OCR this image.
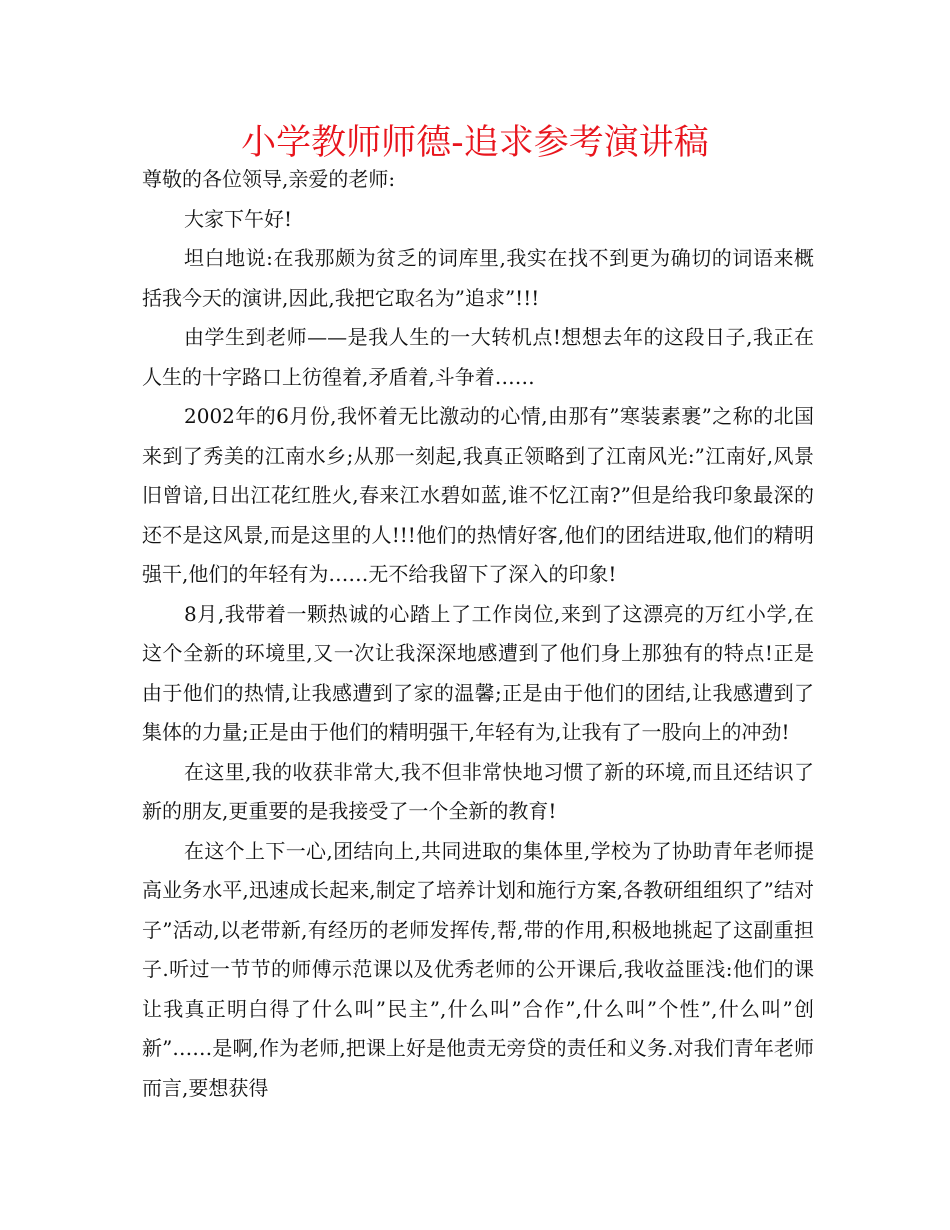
小学教师师德-追求参考演讲稿

尊敬的各位领导,亲爱的老师:

大家下午好!

坦白地说:在我那颇为贫乏的词库里,我实在找不到更为确切的词语来概括我今天的演讲,因此,我把它取名为”追求”!!!

由学生到老师——是我人生的一大转机点!想想去年的这段日子,我正在人生的十字路口上彷徨着,矛盾着,斗争着……

2002年的6月份,我怀着无比激动的心情,由那有”寒装素裹”之称的北国来到了秀美的江南水乡;从那一刻起,我真正领略到了江南风光:”江南好,风景旧曾谙,日出江花红胜火,春来江水碧如蓝,谁不忆江南?”但是给我印象最深的还不是这风景,而是这里的人!!!他们的热情好客,他们的团结进取,他们的精明强干,他们的年轻有为……无不给我留下了深入的印象!

8月,我带着一颗热诚的心踏上了工作岗位,来到了这漂亮的万红小学,在这个全新的环境里,又一次让我深深地感遭到了他们身上那独有的特点!正是由于他们的热情,让我感遭到了家的温馨;正是由于他们的团结,让我感遭到了集体的力量;正是由于他们的精明强干,年轻有为,让我有了一股向上的冲劲!

在这里,我的收获非常大,我不但非常快地习惯了新的环境,而且还结识了新的朋友,更重要的是我接受了一个全新的教育!

在这个上下一心,团结向上,共同进取的集体里,学校为了协助青年老师提高业务水平,迅速成长起来,制定了培养计划和施行方案,各教研组组织了”结对子”活动,以老带新,有经历的老师发挥传,帮,带的作用,积极地挑起了这副重担子.听过一节节的师傅示范课以及优秀老师的公开课后,我收益匪浅:他们的课让我真正明白得了什么叫”民主”,什么叫”合作”,什么叫”个性”,什么叫”创新”……是啊,作为老师,把课上好是他责无旁贷的责任和义务.对我们青年老师而言,要想获得
